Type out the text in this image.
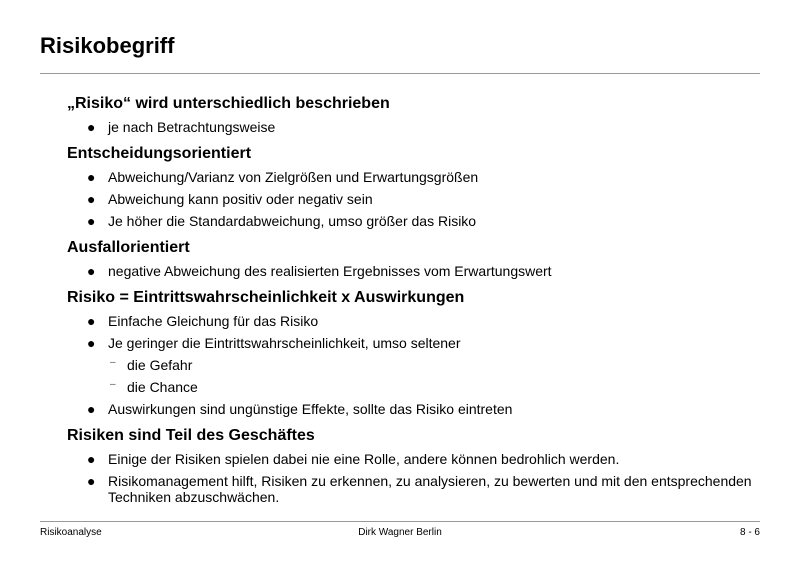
Risikobegriff
„Risiko“ wird unterschiedlich beschrieben
● je nach Betrachtungsweise
Entscheidungsorientiert
● Abweichung/Varianz von Zielgrößen und Erwartungsgrößen
● Abweichung kann positiv oder negativ sein
● Je höher die Standardabweichung, umso größer das Risiko
Ausfallorientiert
● negative Abweichung des realisierten Ergebnisses vom Erwartungswert
Risiko = Eintrittswahrscheinlichkeit x Auswirkungen
● Einfache Gleichung für das Risiko
● Je geringer die Eintrittswahrscheinlichkeit, umso seltener
– die Gefahr
– die Chance
● Auswirkungen sind ungünstige Effekte, sollte das Risiko eintreten
Risiken sind Teil des Geschäftes
● Einige der Risiken spielen dabei nie eine Rolle, andere können bedrohlich werden.
● Risikomanagement hilft, Risiken zu erkennen, zu analysieren, zu bewerten und mit den entsprechenden Techniken abzuschwächen.
Risikoanalyse	Dirk Wagner Berlin	8 - 6
